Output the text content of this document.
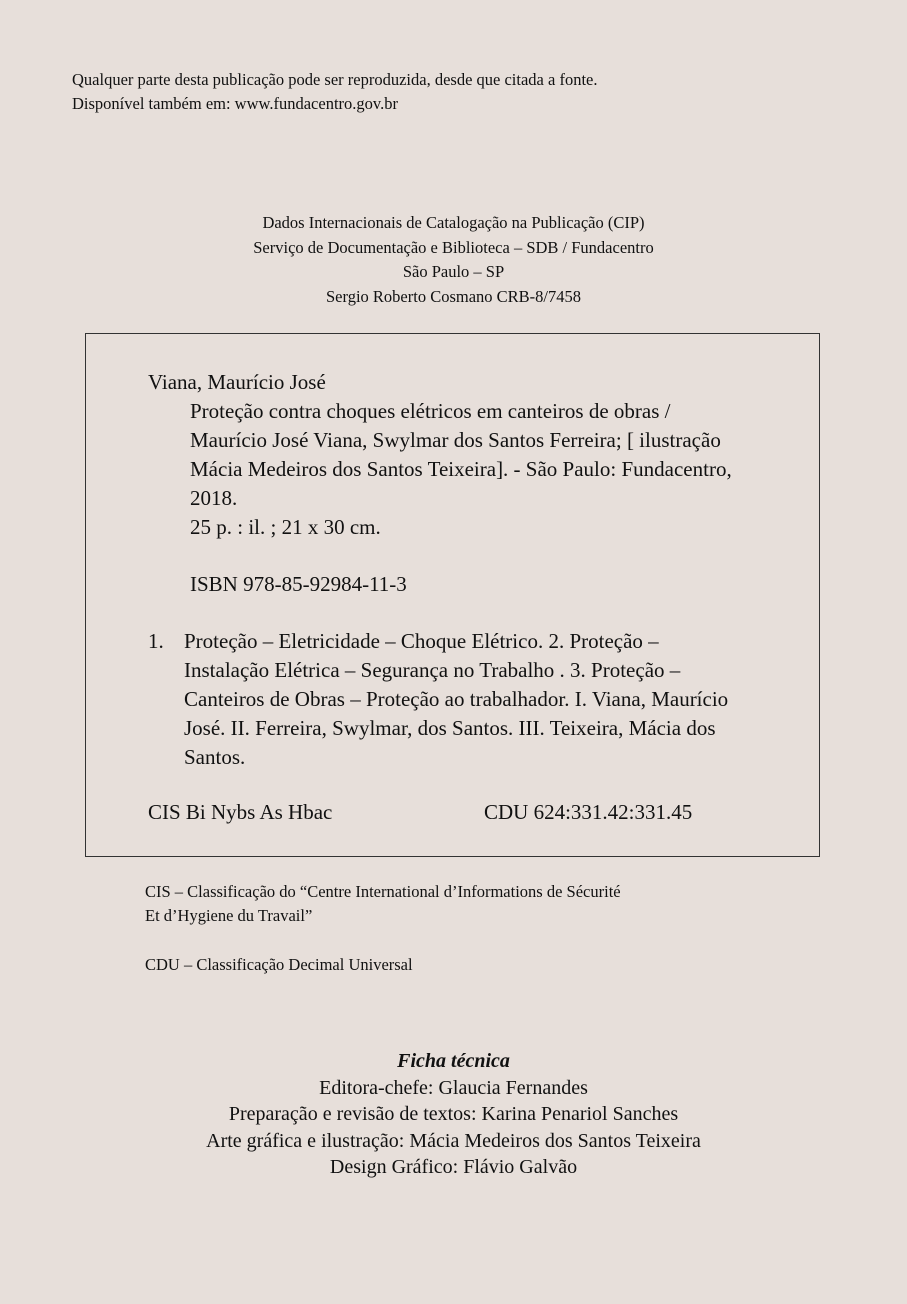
Qualquer parte desta publicação pode ser reproduzida, desde que citada a fonte.
Disponível também em: www.fundacentro.gov.br
Dados Internacionais de Catalogação na Publicação (CIP)
Serviço de Documentação e Biblioteca – SDB / Fundacentro
São Paulo – SP
Sergio Roberto Cosmano CRB-8/7458
Viana, Maurício José
Proteção contra choques elétricos em canteiros de obras /
Maurício José Viana, Swylmar dos Santos Ferreira; [ ilustração
Mácia Medeiros dos Santos Teixeira]. - São Paulo: Fundacentro,
2018.
25 p. : il. ; 21 x 30 cm.
ISBN 978-85-92984-11-3
1. Proteção – Eletricidade – Choque Elétrico. 2. Proteção –
Instalação Elétrica – Segurança no Trabalho . 3. Proteção –
Canteiros de Obras – Proteção ao trabalhador. I. Viana, Maurício
José. II. Ferreira, Swylmar, dos Santos. III. Teixeira, Mácia dos
Santos.
CIS Bi Nybs As Hbac	CDU 624:331.42:331.45
CIS – Classificação do “Centre International d’Informations de Sécurité
Et d’Hygiene du Travail”
CDU – Classificação Decimal Universal
Ficha técnica
Editora-chefe: Glaucia Fernandes
Preparação e revisão de textos: Karina Penariol Sanches
Arte gráfica e ilustração: Mácia Medeiros dos Santos Teixeira
Design Gráfico: Flávio Galvão
